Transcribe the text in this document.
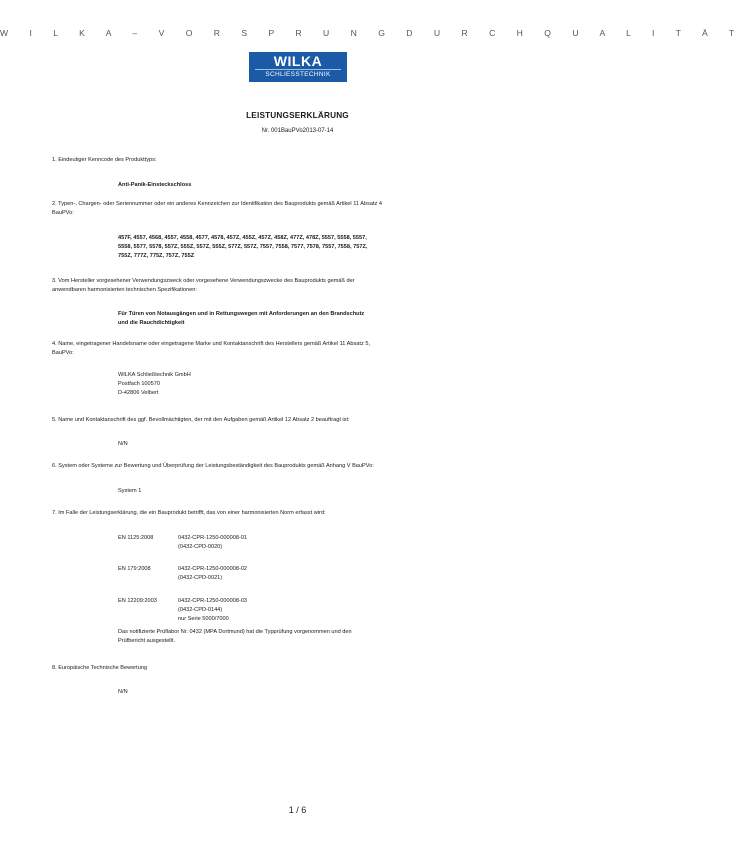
W I L K A – V O R S P R U N G D U R C H Q U A L I T Ä T
WILKA
SCHLIESSTECHNIK
LEISTUNGSERKLÄRUNG
Nr. 001BauPVo2013-07-14
1. Eindeutiger Kenncode des Produkttyps:
Anti-Panik-Einsteckschloss
2. Typen-, Chargen- oder Seriennummer oder ein anderes Kennzeichen zur Identifikation des Bauprodukts gemäß Artikel 11 Absatz 4
BauPVo:
457F, 4557, 4568, 4557, 4558, 4577, 4578, 457Z, 455Z, 457Z, 458Z, 477Z, 478Z, 5557, 5558, 5557,
5558, 5577, 5578, 557Z, 555Z, 557Z, 555Z, 577Z, 557Z, 7557, 7558, 7577, 7578, 7557, 7558, 757Z,
755Z, 777Z, 775Z, 757Z, 755Z
3. Vom Hersteller vorgesehener Verwendungszweck oder vorgesehene Verwendungszwecke des Bauprodukts gemäß der
anwendbaren harmonisierten technischen Spezifikationen:
Für Türen von Notausgängen und in Rettungswegen mit Anforderungen an den Brandschutz
und die Rauchdichtigkeit
4. Name, eingetragener Handelsname oder eingetragene Marke und Kontaktanschrift des Herstellers gemäß Artikel 11 Absatz 5,
BauPVo:
WILKA Schließtechnik GmbH
Postfach 100570
D-42806 Velbert
5. Name und Kontaktanschrift des ggf. Bevollmächtigten, der mit den Aufgaben gemäß Artikel 12 Absatz 2 beauftragt ist:
N/N
6. System oder Systeme zur Bewertung und Überprüfung der Leistungsbeständigkeit des Bauprodukts gemäß Anhang V BauPVo:
System 1
7. Im Falle der Leistungserklärung, die ein Bauprodukt betrifft, das von einer harmonisierten Norm erfasst wird:
EN 1125:2008	0432-CPR-1250-000008-01
(0432-CPD-0020)
EN 179:2008	0432-CPR-1250-000008-02
(0432-CPD-0021)
EN 12209:2003	0432-CPR-1250-000008-03
(0432-CPD-0144)
nur Serie 5000/7000
Das notifizierte Prüflabor Nr. 0432 (MPA Dortmund) hat die Typprüfung vorgenommen und den
Prüfbericht ausgestellt.
8. Europäische Technische Bewertung
N/N
1 / 6
